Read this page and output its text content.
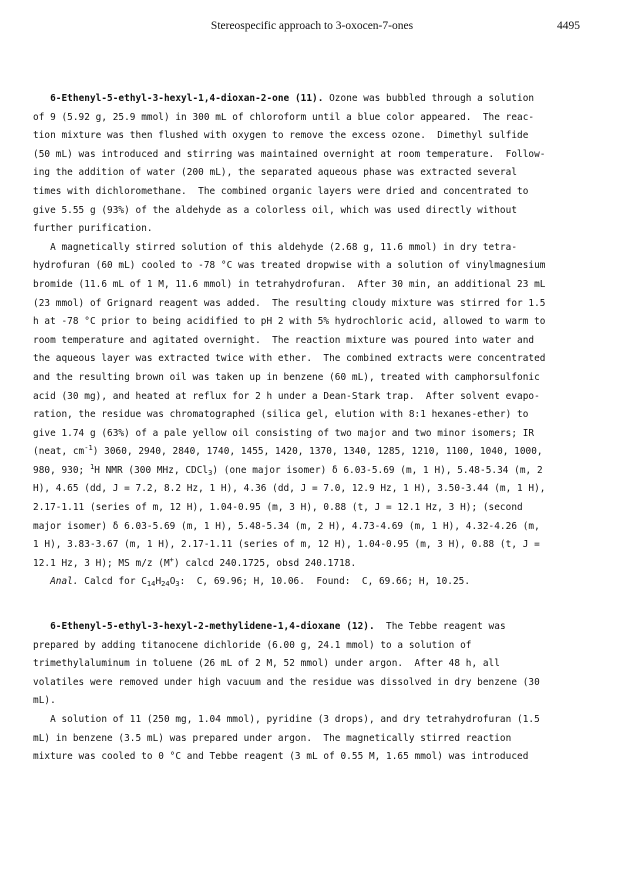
Stereospecific approach to 3-oxocen-7-ones	4495
6-Ethenyl-5-ethyl-3-hexyl-1,4-dioxan-2-one (11). Ozone was bubbled through a solution
of 9 (5.92 g, 25.9 mmol) in 300 mL of chloroform until a blue color appeared.  The reac-
tion mixture was then flushed with oxygen to remove the excess ozone.  Dimethyl sulfide
(50 mL) was introduced and stirring was maintained overnight at room temperature.  Follow-
ing the addition of water (200 mL), the separated aqueous phase was extracted several
times with dichloromethane.  The combined organic layers were dried and concentrated to
give 5.55 g (93%) of the aldehyde as a colorless oil, which was used directly without
further purification.
A magnetically stirred solution of this aldehyde (2.68 g, 11.6 mmol) in dry tetra-
hydrofuran (60 mL) cooled to -78 °C was treated dropwise with a solution of vinylmagnesium
bromide (11.6 mL of 1 M, 11.6 mmol) in tetrahydrofuran.  After 30 min, an additional 23 mL
(23 mmol) of Grignard reagent was added.  The resulting cloudy mixture was stirred for 1.5
h at -78 °C prior to being acidified to pH 2 with 5% hydrochloric acid, allowed to warm to
room temperature and agitated overnight.  The reaction mixture was poured into water and
the aqueous layer was extracted twice with ether.  The combined extracts were concentrated
and the resulting brown oil was taken up in benzene (60 mL), treated with camphorsulfonic
acid (30 mg), and heated at reflux for 2 h under a Dean-Stark trap.  After solvent evapo-
ration, the residue was chromatographed (silica gel, elution with 8:1 hexanes-ether) to
give 1.74 g (63%) of a pale yellow oil consisting of two major and two minor isomers; IR
(neat, $cm^{-1}$) 3060, 2940, 2840, 1740, 1455, 1420, 1370, 1340, 1285, 1210, 1100, 1040, 1000,
980, 930; $^1$H NMR (300 MHz, CDCl$_3$) (one major isomer) δ 6.03-5.69 (m, 1 H), 5.48-5.34 (m, 2
H), 4.65 (dd, J = 7.2, 8.2 Hz, 1 H), 4.36 (dd, J = 7.0, 12.9 Hz, 1 H), 3.50-3.44 (m, 1 H),
2.17-1.11 (series of m, 12 H), 1.04-0.95 (m, 3 H), 0.88 (t, J = 12.1 Hz, 3 H); (second
major isomer) δ 6.03-5.69 (m, 1 H), 5.48-5.34 (m, 2 H), 4.73-4.69 (m, 1 H), 4.32-4.26 (m,
1 H), 3.83-3.67 (m, 1 H), 2.17-1.11 (series of m, 12 H), 1.04-0.95 (m, 3 H), 0.88 (t, J =
12.1 Hz, 3 H); MS m/z (M+) calcd 240.1725, obsd 240.1718.
Anal. Calcd for $C_{14}H_{24}O_3$:  C, 69.96; H, 10.06.  Found:  C, 69.66; H, 10.25.
6-Ethenyl-5-ethyl-3-hexyl-2-methylidene-1,4-dioxane (12).  The Tebbe reagent was
prepared by adding titanocene dichloride (6.00 g, 24.1 mmol) to a solution of
trimethylaluminum in toluene (26 mL of 2 M, 52 mmol) under argon.  After 48 h, all
volatiles were removed under high vacuum and the residue was dissolved in dry benzene (30
mL).
A solution of 11 (250 mg, 1.04 mmol), pyridine (3 drops), and dry tetrahydrofuran (1.5
mL) in benzene (3.5 mL) was prepared under argon.  The magnetically stirred reaction
mixture was cooled to 0 °C and Tebbe reagent (3 mL of 0.55 M, 1.65 mmol) was introduced
